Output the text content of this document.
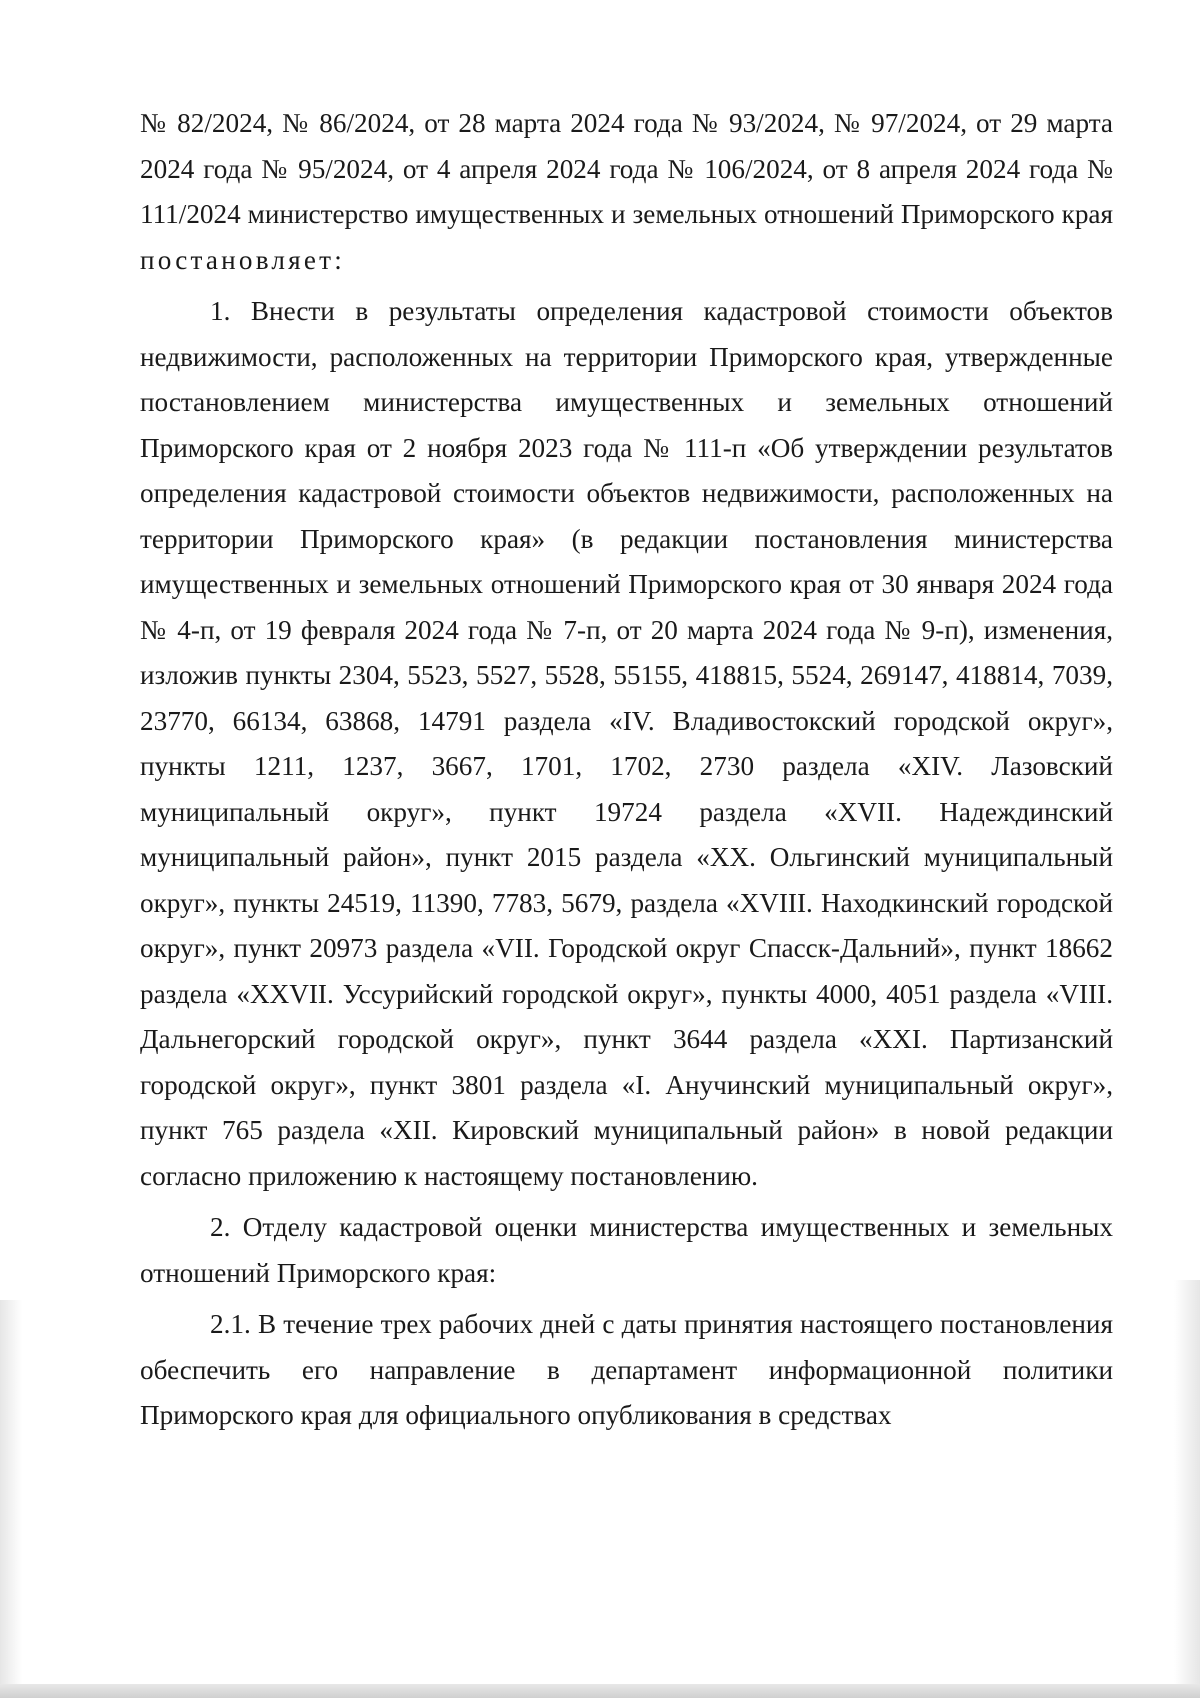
№ 82/2024, № 86/2024, от 28 марта 2024 года № 93/2024, № 97/2024, от 29 марта 2024 года № 95/2024, от 4 апреля 2024 года № 106/2024, от 8 апреля 2024 года № 111/2024 министерство имущественных и земельных отношений Приморского края постановляет:

1. Внести в результаты определения кадастровой стоимости объектов недвижимости, расположенных на территории Приморского края, утвержденные постановлением министерства имущественных и земельных отношений Приморского края от 2 ноября 2023 года № 111-п «Об утверждении результатов определения кадастровой стоимости объектов недвижимости, расположенных на территории Приморского края» (в редакции постановления министерства имущественных и земельных отношений Приморского края от 30 января 2024 года № 4-п, от 19 февраля 2024 года № 7-п, от 20 марта 2024 года № 9-п), изменения, изложив пункты 2304, 5523, 5527, 5528, 55155, 418815, 5524, 269147, 418814, 7039, 23770, 66134, 63868, 14791 раздела «IV. Владивостокский городской округ», пункты 1211, 1237, 3667, 1701, 1702, 2730 раздела «XIV. Лазовский муниципальный округ», пункт 19724 раздела «XVII. Надеждинский муниципальный район», пункт 2015 раздела «XX. Ольгинский муниципальный округ», пункты 24519, 11390, 7783, 5679, раздела «XVIII. Находкинский городской округ», пункт 20973 раздела «VII. Городской округ Спасск-Дальний», пункт 18662 раздела «XXVII. Уссурийский городской округ», пункты 4000, 4051 раздела «VIII. Дальнегорский городской округ», пункт 3644 раздела «XXI. Партизанский городской округ», пункт 3801 раздела «I. Анучинский муниципальный округ», пункт 765 раздела «XII. Кировский муниципальный район» в новой редакции согласно приложению к настоящему постановлению.

2. Отделу кадастровой оценки министерства имущественных и земельных отношений Приморского края:

2.1. В течение трех рабочих дней с даты принятия настоящего постановления обеспечить его направление в департамент информационной политики Приморского края для официального опубликования в средствах
